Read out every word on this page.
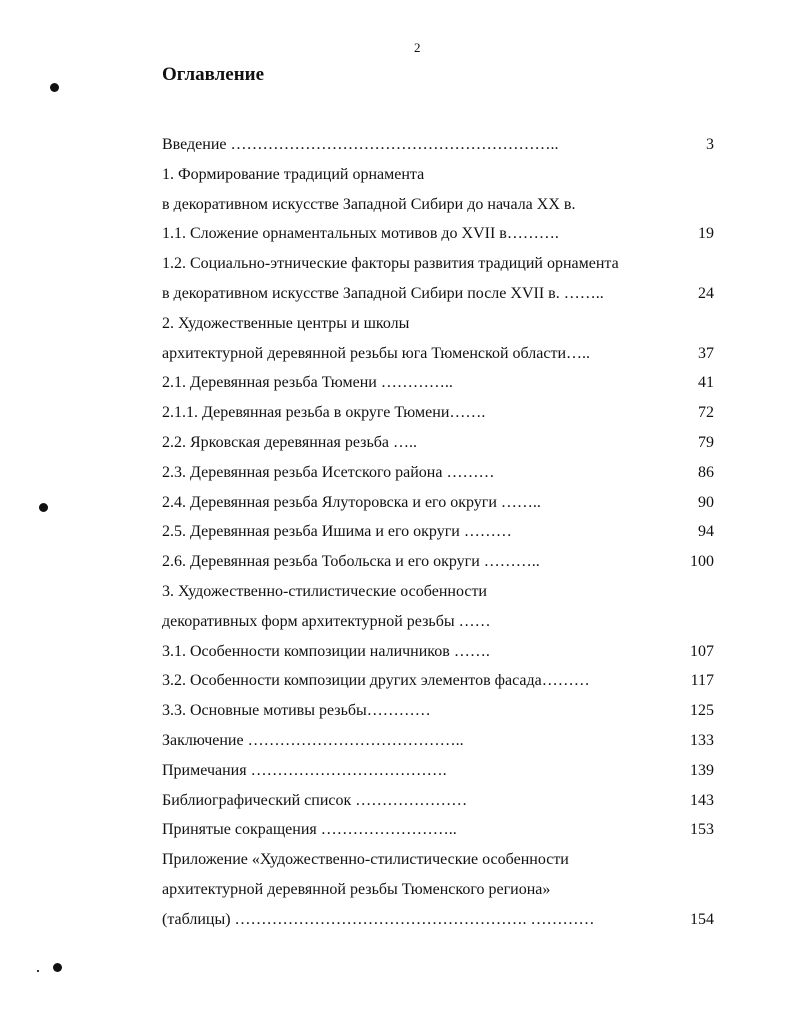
2
Оглавление
Введение ……………………………………………………..	3
1. Формирование традиций орнамента
в декоративном искусстве Западной Сибири до начала XX в.
1.1. Сложение орнаментальных мотивов до XVII в……….	19
1.2. Социально-этнические факторы развития традиций орнамента
в декоративном искусстве Западной Сибири после XVII в. ……..	24
2. Художественные центры и школы
архитектурной деревянной резьбы юга Тюменской области…..	37
2.1. Деревянная резьба Тюмени …………..	41
2.1.1. Деревянная резьба в округе Тюмени…….	72
2.2. Ярковская деревянная резьба …..	79
2.3. Деревянная резьба Исетского района ………	86
2.4. Деревянная резьба Ялуторовска и его округи ……..	90
2.5. Деревянная резьба Ишима и его округи ………	94
2.6. Деревянная резьба Тобольска и его округи ………..	100
3. Художественно-стилистические особенности
декоративных форм архитектурной резьбы ……
3.1. Особенности композиции наличников …….	107
3.2. Особенности композиции других элементов фасада………	117
3.3. Основные мотивы резьбы…………	125
Заключение …………………………………..	133
Примечания ……………………………….	139
Библиографический список …………………	143
Принятые сокращения ……………………..	153
Приложение «Художественно-стилистические особенности
архитектурной деревянной резьбы Тюменского региона»
(таблицы) ………………………………………………. …………	154
